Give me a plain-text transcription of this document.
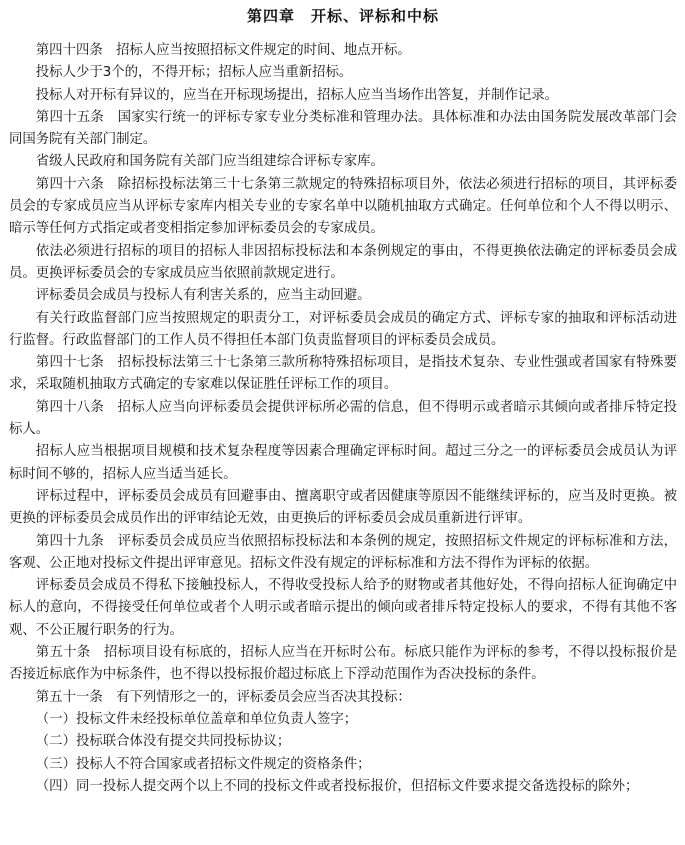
第四章　开标、评标和中标

第四十四条　招标人应当按照招标文件规定的时间、地点开标。

投标人少于3个的，不得开标；招标人应当重新招标。

投标人对开标有异议的，应当在开标现场提出，招标人应当当场作出答复，并制作记录。

第四十五条　国家实行统一的评标专家专业分类标准和管理办法。具体标准和办法由国务院发展改革部门会同国务院有关部门制定。

省级人民政府和国务院有关部门应当组建综合评标专家库。

第四十六条　除招标投标法第三十七条第三款规定的特殊招标项目外，依法必须进行招标的项目，其评标委员会的专家成员应当从评标专家库内相关专业的专家名单中以随机抽取方式确定。任何单位和个人不得以明示、暗示等任何方式指定或者变相指定参加评标委员会的专家成员。

依法必须进行招标的项目的招标人非因招标投标法和本条例规定的事由，不得更换依法确定的评标委员会成员。更换评标委员会的专家成员应当依照前款规定进行。

评标委员会成员与投标人有利害关系的，应当主动回避。

有关行政监督部门应当按照规定的职责分工，对评标委员会成员的确定方式、评标专家的抽取和评标活动进行监督。行政监督部门的工作人员不得担任本部门负责监督项目的评标委员会成员。

第四十七条　招标投标法第三十七条第三款所称特殊招标项目，是指技术复杂、专业性强或者国家有特殊要求，采取随机抽取方式确定的专家难以保证胜任评标工作的项目。

第四十八条　招标人应当向评标委员会提供评标所必需的信息，但不得明示或者暗示其倾向或者排斥特定投标人。

招标人应当根据项目规模和技术复杂程度等因素合理确定评标时间。超过三分之一的评标委员会成员认为评标时间不够的，招标人应当适当延长。

评标过程中，评标委员会成员有回避事由、擅离职守或者因健康等原因不能继续评标的，应当及时更换。被更换的评标委员会成员作出的评审结论无效，由更换后的评标委员会成员重新进行评审。

第四十九条　评标委员会成员应当依照招标投标法和本条例的规定，按照招标文件规定的评标标准和方法，客观、公正地对投标文件提出评审意见。招标文件没有规定的评标标准和方法不得作为评标的依据。

评标委员会成员不得私下接触投标人，不得收受投标人给予的财物或者其他好处，不得向招标人征询确定中标人的意向，不得接受任何单位或者个人明示或者暗示提出的倾向或者排斥特定投标人的要求，不得有其他不客观、不公正履行职务的行为。

第五十条　招标项目设有标底的，招标人应当在开标时公布。标底只能作为评标的参考，不得以投标报价是否接近标底作为中标条件，也不得以投标报价超过标底上下浮动范围作为否决投标的条件。

第五十一条　有下列情形之一的，评标委员会应当否决其投标：

（一）投标文件未经投标单位盖章和单位负责人签字；

（二）投标联合体没有提交共同投标协议；

（三）投标人不符合国家或者招标文件规定的资格条件；

（四）同一投标人提交两个以上不同的投标文件或者投标报价，但招标文件要求提交备选投标的除外；
